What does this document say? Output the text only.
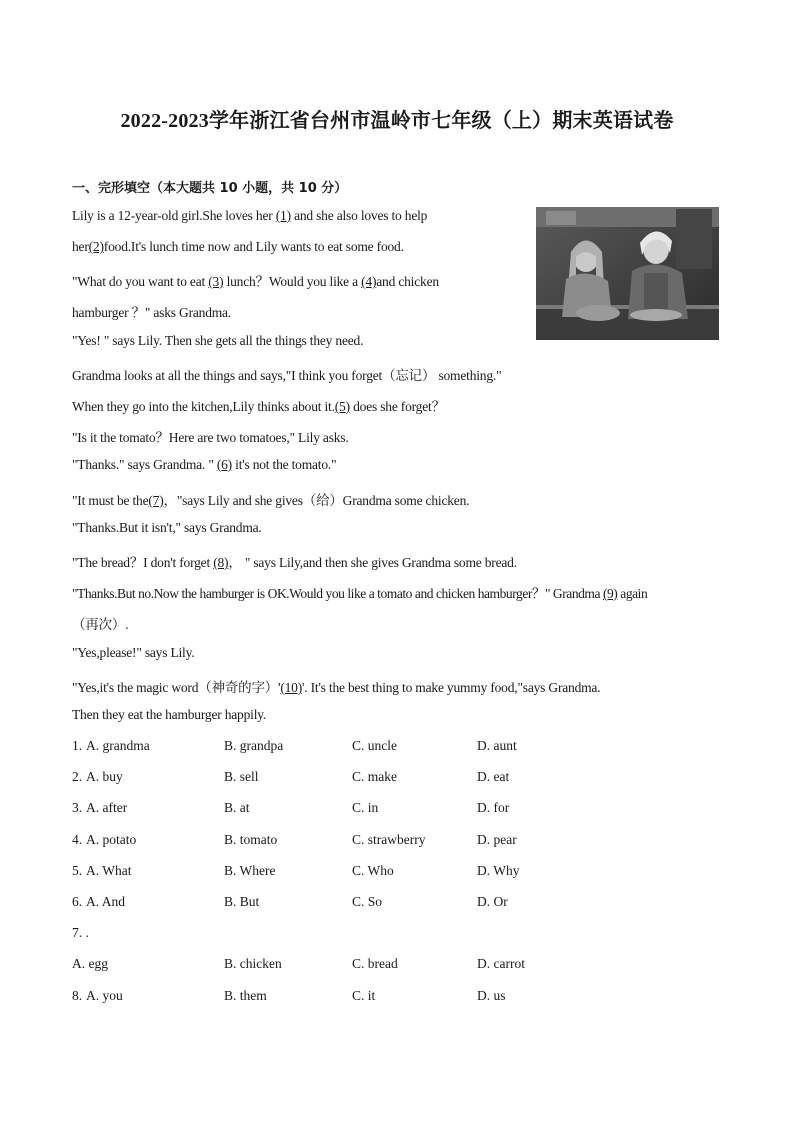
2022-2023学年浙江省台州市温岭市七年级（上）期末英语试卷
一、完形填空（本大题共 10 小题，共 10 分）
Lily is a 12-year-old girl.She loves her (1) and she also loves to help
her(2)food.It's lunch time now and Lily wants to eat some food.
"What do you want to eat (3) lunch？Would you like a (4)and chicken
hamburger ？" asks Grandma.
"Yes! " says Lily. Then she gets all the things they need.
Grandma looks at all the things and says,"I think you forget（忘记） something."
When they go into the kitchen,Lily thinks about it.(5) does she forget？
"Is it the tomato？Here are two tomatoes," Lily asks.
"Thanks." says Grandma. " (6) it's not the tomato."
"It must be the(7)，"says Lily and she gives（给）Grandma some chicken.
"Thanks.But it isn't," says Grandma.
"The bread？I don't forget (8)， " says Lily,and then she gives Grandma some bread.
"Thanks.But no.Now the hamburger is OK.Would you like a tomato and chicken hamburger？" Grandma (9) again
（再次）.
"Yes,please!" says Lily.
"Yes,it's the magic word（神奇的字）'(10)'. It's the best thing to make yummy food,"says Grandma.
Then they eat the hamburger happily.
1. A. grandma	B. grandpa	C. uncle	D. aunt
2. A. buy	B. sell	C. make	D. eat
3. A. after	B. at	C. in	D. for
4. A. potato	B. tomato	C. strawberry	D. pear
5. A. What	B. Where	C. Who	D. Why
6. A. And	B. But	C. So	D. Or
7. .
A. egg	B. chicken	C. bread	D. carrot
8. A. you	B. them	C. it	D. us
